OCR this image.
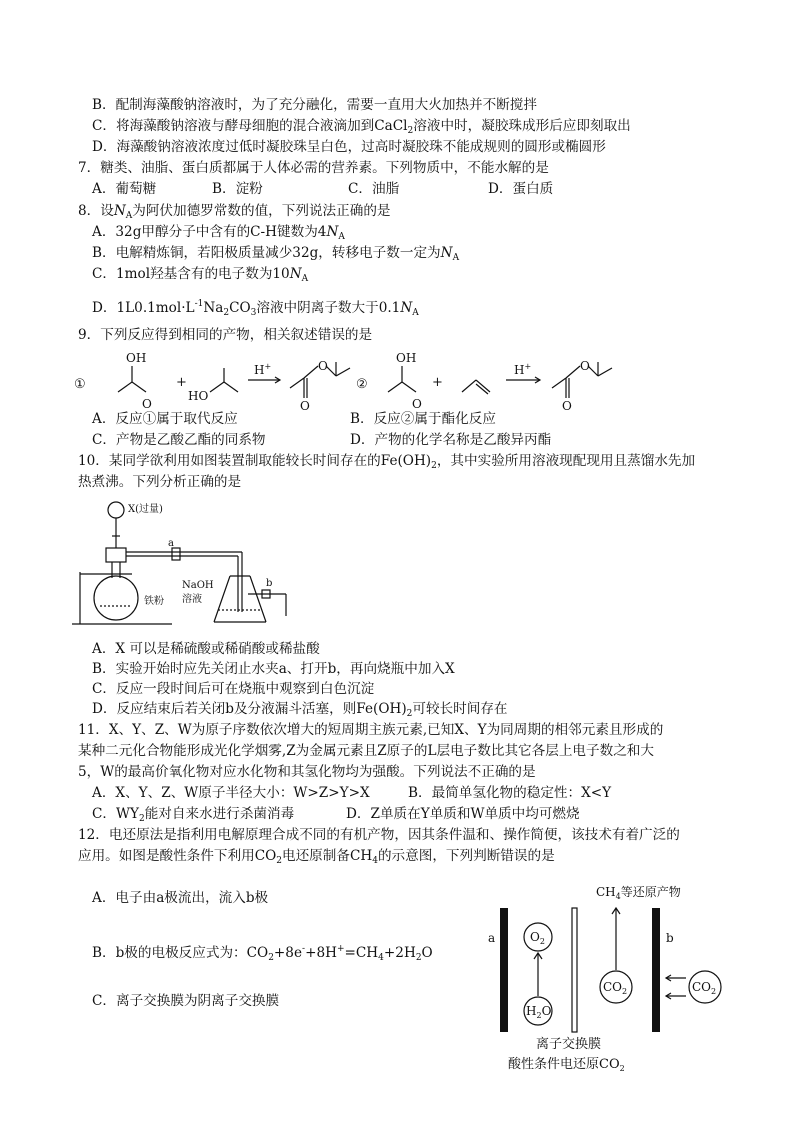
B．配制海藻酸钠溶液时，为了充分融化，需要一直用大火加热并不断搅拌
C．将海藻酸钠溶液与酵母细胞的混合液滴加到CaCl$_2$溶液中时，凝胶珠成形后应即刻取出
D．海藻酸钠溶液浓度过低时凝胶珠呈白色，过高时凝胶珠不能成规则的圆形或椭圆形
7．糖类、油脂、蛋白质都属于人体必需的营养素。下列物质中，不能水解的是
A．葡萄糖	B．淀粉	C．油脂	D．蛋白质
8．设$N_A$为阿伏加德罗常数的值，下列说法正确的是
A．32g甲醇分子中含有的C-H键数为$4N_A$
B．电解精炼铜，若阳极质量减少32g，转移电子数一定为$N_A$
C．1mol羟基含有的电子数为$10N_A$
D．$1L0.1mol\cdot L^{-1}Na_2CO_3$溶液中阴离子数大于$0.1N_A$
9．下列反应得到相同的产物，相关叙述错误的是
①
OH
O
+
HO
H+
O
O
②
OH
O
+
H+
O
O
A．反应①属于取代反应	B．反应②属于酯化反应
C．产物是乙酸乙酯的同系物	D．产物的化学名称是乙酸异丙酯
10．某同学欲利用如图装置制取能较长时间存在的$Fe(OH)_2$，其中实验所用溶液现配现用且蒸馏水先加
热煮沸。下列分析正确的是
X(过量)
a
b
铁粉
NaOH
溶液
A．X 可以是稀硫酸或稀硝酸或稀盐酸
B．实验开始时应先关闭止水夹a、打开b，再向烧瓶中加入X
C．反应一段时间后可在烧瓶中观察到白色沉淀
D．反应结束后若关闭b及分液漏斗活塞，则$Fe(OH)_2$可较长时间存在
11．X、Y、Z、W为原子序数依次增大的短周期主族元素,已知X、Y为同周期的相邻元素且形成的
某种二元化合物能形成光化学烟雾,Z为金属元素且Z原子的L层电子数比其它各层上电子数之和大
5，W的最高价氧化物对应水化物和其氢化物均为强酸。下列说法不正确的是
A．X、Y、Z、W原子半径大小：W>Z>Y>X	B．最简单氢化物的稳定性：X<Y
C．$WY_2$能对自来水进行杀菌消毒	D．Z单质在Y单质和W单质中均可燃烧
12．电还原法是指利用电解原理合成不同的有机产物，因其条件温和、操作简便，该技术有着广泛的
应用。如图是酸性条件下利用$CO_2$电还原制备$CH_4$的示意图，下列判断错误的是
A．电子由a极流出，流入b极
B．b极的电极反应式为：$CO_2+8e^-+8H^+=CH_4+2H_2O$
C．离子交换膜为阴离子交换膜
$CH_4$等还原产物
a	b
$O_2$
$H_2O$
$CO_2$	$CO_2$
离子交换膜
酸性条件电还原$CO_2$
